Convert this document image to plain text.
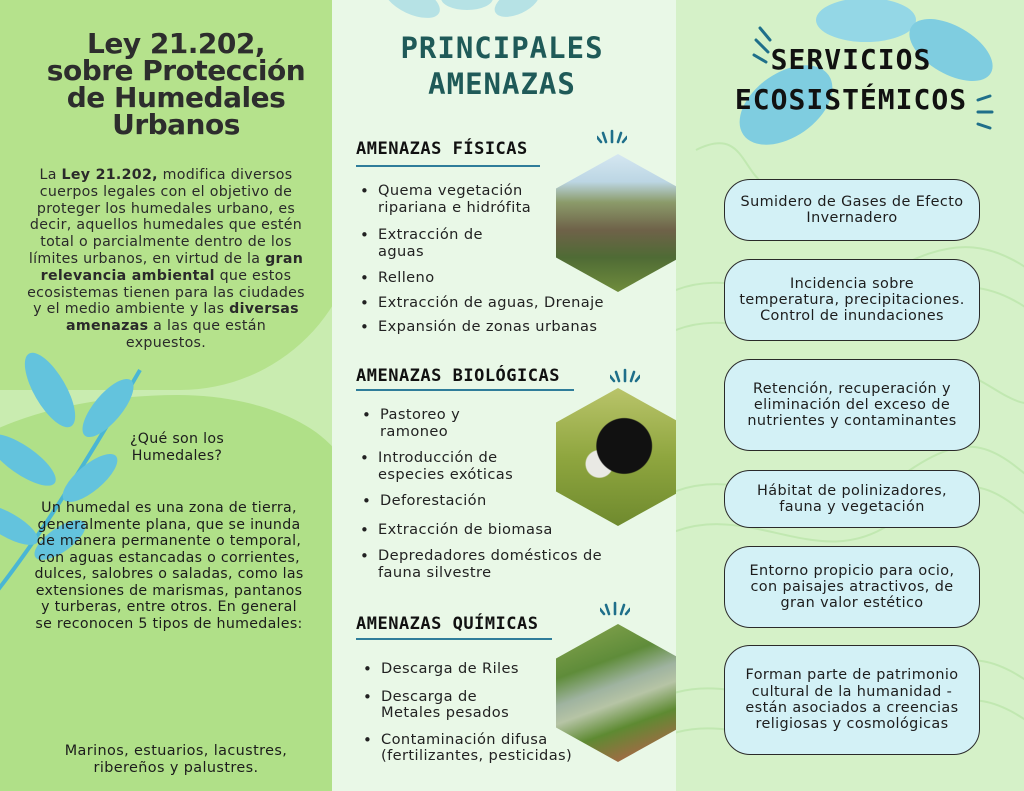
Ley 21.202,
sobre Protección
de Humedales
Urbanos

La Ley 21.202, modifica diversos cuerpos legales con el objetivo de proteger los humedales urbano, es decir, aquellos humedales que estén total o parcialmente dentro de los límites urbanos, en virtud de la gran relevancia ambiental que estos ecosistemas tienen para las ciudades y el medio ambiente y las diversas amenazas a las que están expuestos.

¿Qué son los Humedales?

Un humedal es una zona de tierra, generalmente plana, que se inunda de manera permanente o temporal, con aguas estancadas o corrientes, dulces, salobres o saladas, como las extensiones de marismas, pantanos y turberas, entre otros. En general se reconocen 5 tipos de humedales:

Marinos, estuarios, lacustres, ribereños y palustres.

PRINCIPALES
AMENAZAS
AMENAZAS FÍSICAS
• Quema vegetación ripariana e hidrófita
• Extracción de aguas
• Relleno
• Extracción de aguas, Drenaje
• Expansión de zonas urbanas
AMENAZAS BIOLÓGICAS
• Pastoreo y ramoneo
• Introducción de especies exóticas
• Deforestación
• Extracción de biomasa
• Depredadores domésticos de fauna silvestre
AMENAZAS QUÍMICAS
• Descarga de Riles
• Descarga de Metales pesados
• Contaminación difusa (fertilizantes, pesticidas)
SERVICIOS
ECOSISTÉMICOS
Sumidero de Gases de Efecto Invernadero
Incidencia sobre temperatura, precipitaciones. Control de inundaciones
Retención, recuperación y eliminación del exceso de nutrientes y contaminantes
Hábitat de polinizadores, fauna y vegetación
Entorno propicio para ocio, con paisajes atractivos, de gran valor estético
Forman parte de patrimonio cultural de la humanidad - están asociados a creencias religiosas y cosmológicas
